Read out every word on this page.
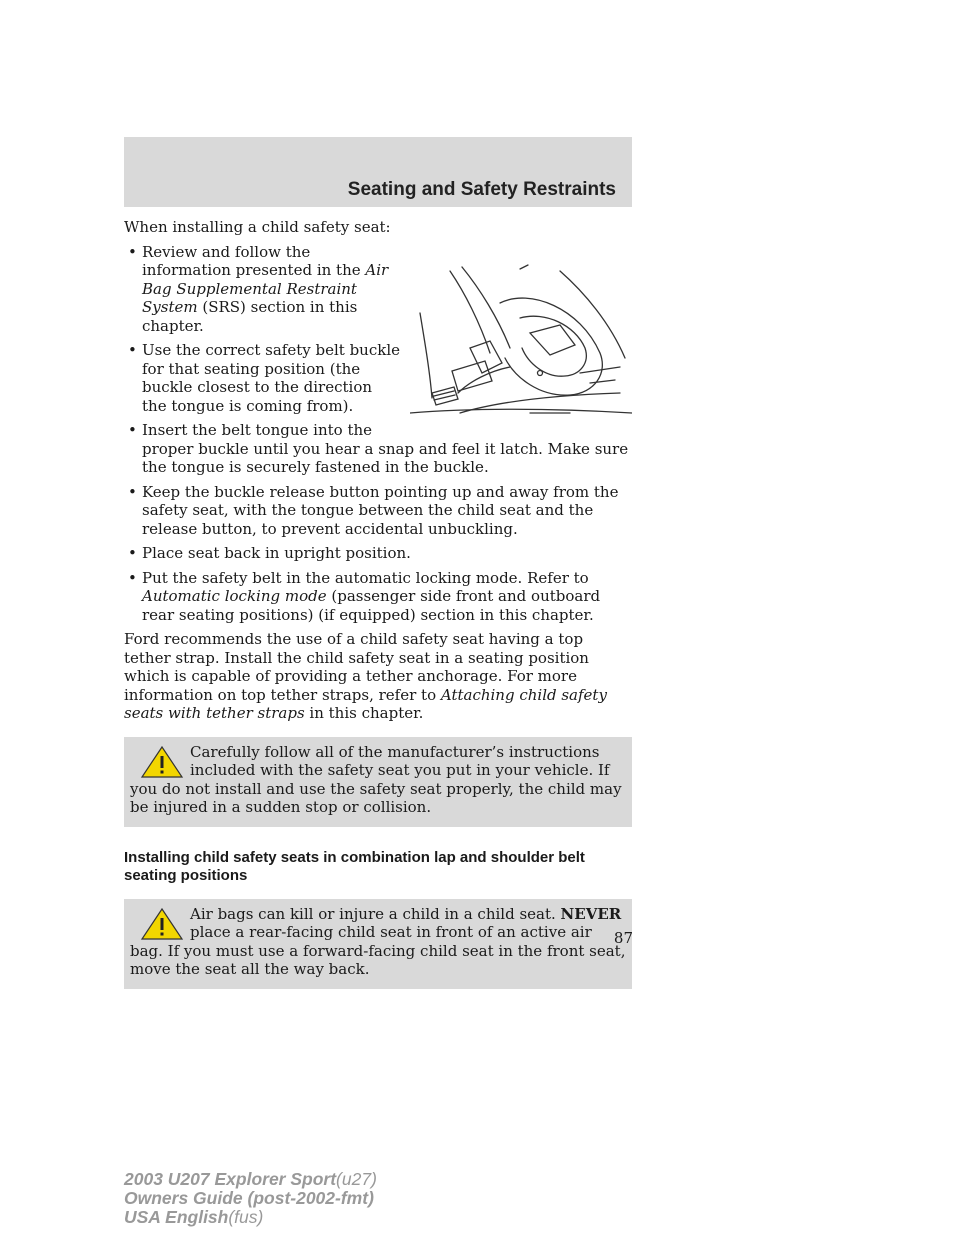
Seating and Safety Restraints

When installing a child safety seat:

• Review and follow the information presented in the Air Bag Supplemental Restraint System (SRS) section in this chapter.
• Use the correct safety belt buckle for that seating position (the buckle closest to the direction the tongue is coming from).
• Insert the belt tongue into the proper buckle until you hear a snap and feel it latch. Make sure the tongue is securely fastened in the buckle.
• Keep the buckle release button pointing up and away from the safety seat, with the tongue between the child seat and the release button, to prevent accidental unbuckling.
• Place seat back in upright position.
• Put the safety belt in the automatic locking mode. Refer to Automatic locking mode (passenger side front and outboard rear seating positions) (if equipped) section in this chapter.

Ford recommends the use of a child safety seat having a top tether strap. Install the child safety seat in a seating position which is capable of providing a tether anchorage. For more information on top tether straps, refer to Attaching child safety seats with tether straps in this chapter.

Carefully follow all of the manufacturer’s instructions included with the safety seat you put in your vehicle. If you do not install and use the safety seat properly, the child may be injured in a sudden stop or collision.

Installing child safety seats in combination lap and shoulder belt seating positions

Air bags can kill or injure a child in a child seat. NEVER place a rear-facing child seat in front of an active air bag. If you must use a forward-facing child seat in the front seat, move the seat all the way back.

87
2003 U207 Explorer Sport(u27)
Owners Guide (post-2002-fmt)
USA English(fus)
